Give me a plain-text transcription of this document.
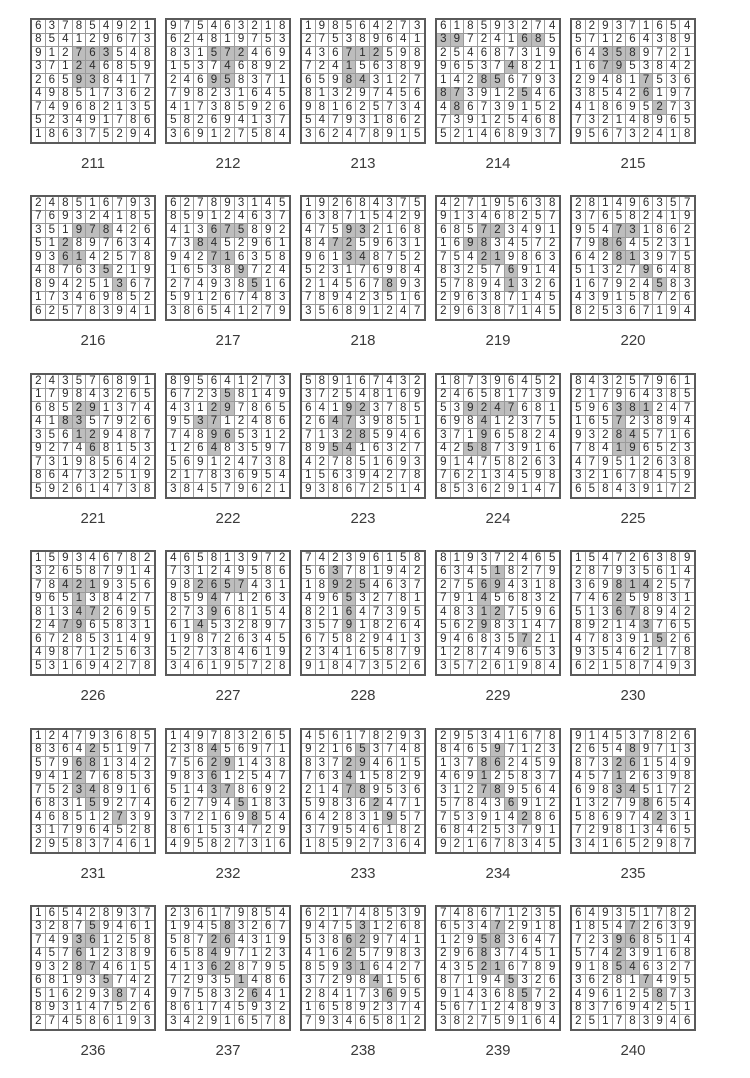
6 3 7 8 5 4 9 2 1
8 5 4 1 2 9 6 7 3
9 1 2 7 6 3 5 4 8
3 7 1 2 4 6 8 5 9
2 6 5 9 3 8 4 1 7
4 9 8 5 1 7 3 6 2
7 4 9 6 8 2 1 3 5
5 2 3 4 9 1 7 8 6
1 8 6 3 7 5 2 9 4
211
9 7 5 4 6 3 2 1 8
6 2 4 8 1 9 7 5 3
8 3 1 5 7 2 4 6 9
1 5 3 7 4 6 8 9 2
2 4 6 9 5 8 3 7 1
7 9 8 2 3 1 6 4 5
4 1 7 3 8 5 9 2 6
5 8 2 6 9 4 1 3 7
3 6 9 1 2 7 5 8 4
212
1 9 8 5 6 4 2 7 3
2 7 5 3 8 9 6 4 1
4 3 6 7 1 2 5 9 8
7 2 4 1 5 6 3 8 9
6 5 9 8 4 3 1 2 7
8 1 3 2 9 7 4 5 6
9 8 1 6 2 5 7 3 4
5 4 7 9 3 1 8 6 2
3 6 2 4 7 8 9 1 5
213
6 1 8 5 9 3 2 7 4
3 9 7 2 4 1 6 8 5
2 5 4 6 8 7 3 1 9
9 6 5 3 7 4 8 2 1
1 4 2 8 5 6 7 9 3
8 7 3 9 1 2 5 4 6
4 8 6 7 3 9 1 5 2
7 3 9 1 2 5 4 6 8
5 2 1 4 6 8 9 3 7
214
8 2 9 3 7 1 6 5 4
5 7 1 2 6 4 3 8 9
6 4 3 5 8 9 7 2 1
1 6 7 9 5 3 8 4 2
2 9 4 8 1 7 5 3 6
3 8 5 4 2 6 1 9 7
4 1 8 6 9 5 2 7 3
7 3 2 1 4 8 9 6 5
9 5 6 7 3 2 4 1 8
215
2 4 8 5 1 6 7 9 3
7 6 9 3 2 4 1 8 5
3 5 1 9 7 8 4 2 6
5 1 2 8 9 7 6 3 4
9 3 6 1 4 2 5 7 8
4 8 7 6 3 5 2 1 9
8 9 4 2 5 1 3 6 7
1 7 3 4 6 9 8 5 2
6 2 5 7 8 3 9 4 1
216
6 2 7 8 9 3 1 4 5
8 5 9 1 2 4 6 3 7
4 1 3 6 7 5 8 9 2
7 3 8 4 5 2 9 6 1
9 4 2 7 1 6 3 5 8
1 6 5 3 8 9 7 2 4
2 7 4 9 3 8 5 1 6
5 9 1 2 6 7 4 8 3
3 8 6 5 4 1 2 7 9
217
1 9 2 6 8 4 3 7 5
6 3 8 7 1 5 4 2 9
4 7 5 9 3 2 1 6 8
8 4 7 2 5 9 6 3 1
9 6 1 3 4 8 7 5 2
5 2 3 1 7 6 9 8 4
2 1 4 5 6 7 8 9 3
7 8 9 4 2 3 5 1 6
3 5 6 8 9 1 2 4 7
218
4 2 7 1 9 5 6 3 8
9 1 3 4 6 8 2 5 7
6 8 5 7 2 3 4 9 1
1 6 9 8 3 4 5 7 2
7 5 4 2 1 9 8 6 3
8 3 2 5 7 6 9 1 4
5 7 8 9 4 1 3 2 6
2 9 6 3 8 7 1 4 5
2 9 6 3 8 7 1 4 5
219
2 8 1 4 9 6 3 5 7
3 7 6 5 8 2 4 1 9
9 5 4 7 3 1 8 6 2
7 9 8 6 4 5 2 3 1
6 4 2 8 1 3 9 7 5
5 1 3 2 7 9 6 4 8
1 6 7 9 2 4 5 8 3
4 3 9 1 5 8 7 2 6
8 2 5 3 6 7 1 9 4
220
2 4 3 5 7 6 8 9 1
1 7 9 8 4 3 2 6 5
6 8 5 2 9 1 3 7 4
4 1 8 3 5 7 9 2 6
3 5 6 1 2 9 4 8 7
9 2 7 4 6 8 1 5 3
7 3 1 9 8 5 6 4 2
8 6 4 7 3 2 5 1 9
5 9 2 6 1 4 7 3 8
221
8 9 5 6 4 1 2 7 3
6 7 2 3 5 8 1 4 9
4 3 1 2 9 7 8 6 5
9 5 3 7 1 2 4 8 6
7 4 8 9 6 5 3 1 2
1 2 6 4 8 3 5 9 7
5 6 9 1 2 4 7 3 8
2 1 7 8 3 6 9 5 4
3 8 4 5 7 9 6 2 1
222
5 8 9 1 6 7 4 3 2
3 7 2 5 4 8 1 6 9
6 4 1 9 2 3 7 8 5
2 6 4 7 3 9 8 5 1
7 1 3 2 8 5 9 4 6
8 9 5 4 1 6 3 2 7
4 2 7 8 5 1 6 9 3
1 5 6 3 9 4 2 7 8
9 3 8 6 7 2 5 1 4
223
1 8 7 3 9 6 4 5 2
2 4 6 5 8 1 7 3 9
5 3 9 2 4 7 6 8 1
6 9 8 4 1 2 3 7 5
3 7 1 9 6 5 8 2 4
4 2 5 8 7 3 9 1 6
9 1 4 7 5 8 2 6 3
7 6 2 1 3 4 5 9 8
8 5 3 6 2 9 1 4 7
224
8 4 3 2 5 7 9 6 1
2 1 7 9 6 4 3 8 5
5 9 6 3 8 1 2 4 7
1 6 5 7 2 3 8 9 4
9 3 2 8 4 5 7 1 6
7 8 4 1 9 6 5 2 3
4 7 9 5 1 2 6 3 8
3 2 1 6 7 8 4 5 9
6 5 8 4 3 9 1 7 2
225
1 5 9 3 4 6 7 8 2
3 2 6 5 8 7 9 1 4
7 8 4 2 1 9 3 5 6
9 6 5 1 3 8 4 2 7
8 1 3 4 7 2 6 9 5
2 4 7 9 6 5 8 3 1
6 7 2 8 5 3 1 4 9
4 9 8 7 1 2 5 6 3
5 3 1 6 9 4 2 7 8
226
4 6 5 8 1 3 9 7 2
7 3 1 2 4 9 5 8 6
9 8 2 6 5 7 4 3 1
8 5 9 4 7 1 2 6 3
2 7 3 9 6 8 1 5 4
6 1 4 5 3 2 8 9 7
1 9 8 7 2 6 3 4 5
5 2 7 3 8 4 6 1 9
3 4 6 1 9 5 7 2 8
227
7 4 2 3 9 6 1 5 8
5 6 3 7 8 1 9 4 2
1 8 9 2 5 4 6 3 7
4 9 6 5 3 2 7 8 1
8 2 1 6 4 7 3 9 5
3 5 7 9 1 8 2 6 4
6 7 5 8 2 9 4 1 3
2 3 4 1 6 5 8 7 9
9 1 8 4 7 3 5 2 6
228
8 1 9 3 7 2 4 6 5
6 3 4 5 1 8 2 7 9
2 7 5 6 9 4 3 1 8
7 9 1 4 5 6 8 3 2
4 8 3 1 2 7 5 9 6
5 6 2 9 8 3 1 4 7
9 4 6 8 3 5 7 2 1
1 2 8 7 4 9 6 5 3
3 5 7 2 6 1 9 8 4
229
1 5 4 7 2 6 3 8 9
2 8 7 9 3 5 6 1 4
3 6 9 8 1 4 2 5 7
7 4 6 2 5 9 8 3 1
5 1 3 6 7 8 9 4 2
8 9 2 1 4 3 7 6 5
4 7 8 3 9 1 5 2 6
9 3 5 4 6 2 1 7 8
6 2 1 5 8 7 4 9 3
230
1 2 4 7 9 3 6 8 5
8 3 6 4 2 5 1 9 7
5 7 9 6 8 1 3 4 2
9 4 1 2 7 6 8 5 3
7 5 2 3 4 8 9 1 6
6 8 3 1 5 9 2 7 4
4 6 8 5 1 2 7 3 9
3 1 7 9 6 4 5 2 8
2 9 5 8 3 7 4 6 1
231
1 4 9 7 8 3 2 6 5
2 3 8 4 5 6 9 7 1
7 5 6 2 9 1 4 3 8
9 8 3 6 1 2 5 4 7
5 1 4 3 7 8 6 9 2
6 2 7 9 4 5 1 8 3
3 7 2 1 6 9 8 5 4
8 6 1 5 3 4 7 2 9
4 9 5 8 2 7 3 1 6
232
4 5 6 1 7 8 2 9 3
9 2 1 6 5 3 7 4 8
8 3 7 2 9 4 6 1 5
7 6 3 4 1 5 8 2 9
2 1 4 7 8 9 5 3 6
5 9 8 3 6 2 4 7 1
6 4 2 8 3 1 9 5 7
3 7 9 5 4 6 1 8 2
1 8 5 9 2 7 3 6 4
233
2 9 5 3 4 1 6 7 8
8 4 6 5 9 7 1 2 3
1 3 7 8 6 2 4 5 9
4 6 9 1 2 5 8 3 7
3 1 2 7 8 9 5 6 4
5 7 8 4 3 6 9 1 2
7 5 3 9 1 4 2 8 6
6 8 4 2 5 3 7 9 1
9 2 1 6 7 8 3 4 5
234
9 1 4 5 3 7 8 2 6
2 6 5 4 8 9 7 1 3
8 7 3 2 6 1 5 4 9
4 5 7 1 2 6 3 9 8
6 9 8 3 4 5 1 7 2
1 3 2 7 9 8 6 5 4
5 8 6 9 7 4 2 3 1
7 2 9 8 1 3 4 6 5
3 4 1 6 5 2 9 8 7
235
1 6 5 4 2 8 9 3 7
3 2 8 7 5 9 4 6 1
7 4 9 3 6 1 2 5 8
4 5 7 6 1 2 3 8 9
9 3 2 8 7 4 6 1 5
6 8 1 9 3 5 7 4 2
5 1 6 2 9 3 8 7 4
8 9 3 1 4 7 5 2 6
2 7 4 5 8 6 1 9 3
236
2 3 6 1 7 9 8 5 4
1 9 4 5 8 3 2 6 7
5 8 7 2 6 4 3 1 9
6 5 8 4 9 7 1 2 3
4 1 3 6 2 8 7 9 5
7 2 9 3 5 1 4 8 6
9 7 5 8 3 2 6 4 1
8 6 1 7 4 5 9 3 2
3 4 2 9 1 6 5 7 8
237
6 2 1 7 4 8 5 3 9
9 4 7 5 3 1 2 6 8
5 3 8 6 2 9 7 4 1
4 1 6 2 5 7 9 8 3
8 5 9 3 1 6 4 2 7
3 7 2 9 8 4 1 5 6
2 8 4 1 7 3 6 9 5
1 6 5 8 9 2 3 7 4
7 9 3 4 6 5 8 1 2
238
7 4 8 6 7 1 2 3 5
6 5 3 4 7 2 9 1 8
1 2 9 5 8 3 6 4 7
2 9 6 8 3 7 4 5 1
4 3 5 2 1 6 7 8 9
8 7 1 9 4 5 3 2 6
9 1 4 3 6 8 5 7 2
5 6 7 1 2 4 8 9 3
3 8 2 7 5 9 1 6 4
239
6 4 9 3 5 1 7 8 2
1 8 5 4 7 2 6 3 9
7 2 3 9 6 8 5 1 4
5 7 4 2 3 9 1 6 8
9 1 8 5 4 6 3 2 7
3 6 2 8 1 7 4 9 5
4 9 6 1 2 5 8 7 3
8 3 7 6 9 4 2 5 1
2 5 1 7 8 3 9 4 6
240
